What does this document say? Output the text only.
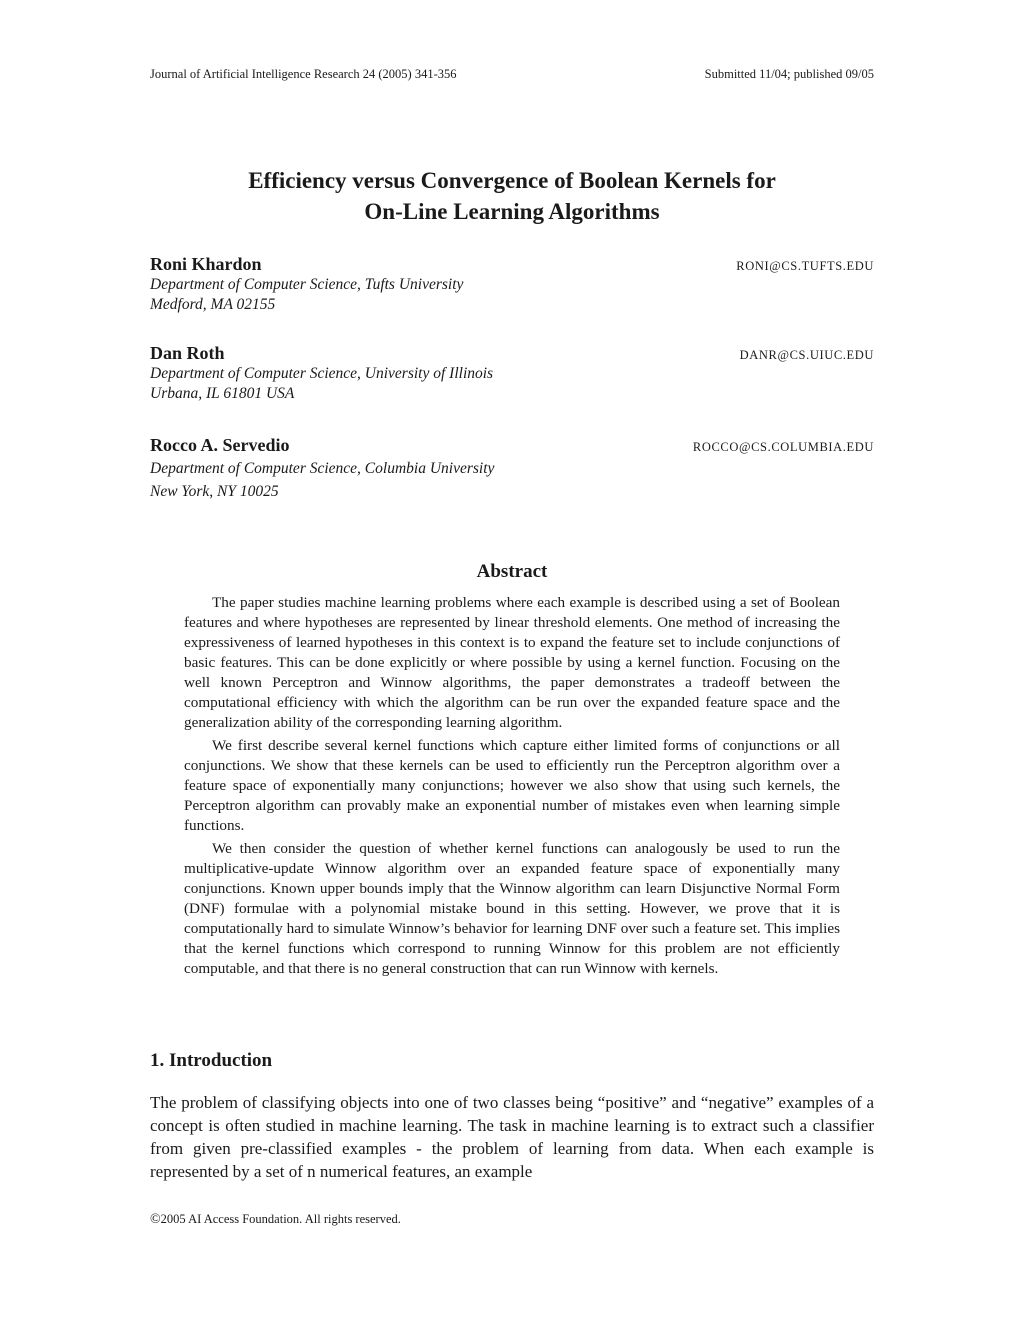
Journal of Artificial Intelligence Research 24 (2005) 341-356	Submitted 11/04; published 09/05
Efficiency versus Convergence of Boolean Kernels for
On-Line Learning Algorithms
Roni Khardon	RONI@CS.TUFTS.EDU
Department of Computer Science, Tufts University
Medford, MA 02155
Dan Roth	DANR@CS.UIUC.EDU
Department of Computer Science, University of Illinois
Urbana, IL 61801 USA
Rocco A. Servedio	ROCCO@CS.COLUMBIA.EDU
Department of Computer Science, Columbia University
New York, NY 10025
Abstract

The paper studies machine learning problems where each example is described using a set of Boolean features and where hypotheses are represented by linear threshold elements. One method of increasing the expressiveness of learned hypotheses in this context is to expand the feature set to include conjunctions of basic features. This can be done explicitly or where possible by using a kernel function. Focusing on the well known Perceptron and Winnow algorithms, the paper demonstrates a tradeoff between the computational efficiency with which the algorithm can be run over the expanded feature space and the generalization ability of the corresponding learning algorithm.

We first describe several kernel functions which capture either limited forms of conjunctions or all conjunctions. We show that these kernels can be used to efficiently run the Perceptron algorithm over a feature space of exponentially many conjunctions; however we also show that using such kernels, the Perceptron algorithm can provably make an exponential number of mistakes even when learning simple functions.

We then consider the question of whether kernel functions can analogously be used to run the multiplicative-update Winnow algorithm over an expanded feature space of exponentially many conjunctions. Known upper bounds imply that the Winnow algorithm can learn Disjunctive Normal Form (DNF) formulae with a polynomial mistake bound in this setting. However, we prove that it is computationally hard to simulate Winnow’s behavior for learning DNF over such a feature set. This implies that the kernel functions which correspond to running Winnow for this problem are not efficiently computable, and that there is no general construction that can run Winnow with kernels.

1. Introduction

The problem of classifying objects into one of two classes being “positive” and “negative” examples of a concept is often studied in machine learning. The task in machine learning is to extract such a classifier from given pre-classified examples - the problem of learning from data. When each example is represented by a set of n numerical features, an example

©2005 AI Access Foundation. All rights reserved.
